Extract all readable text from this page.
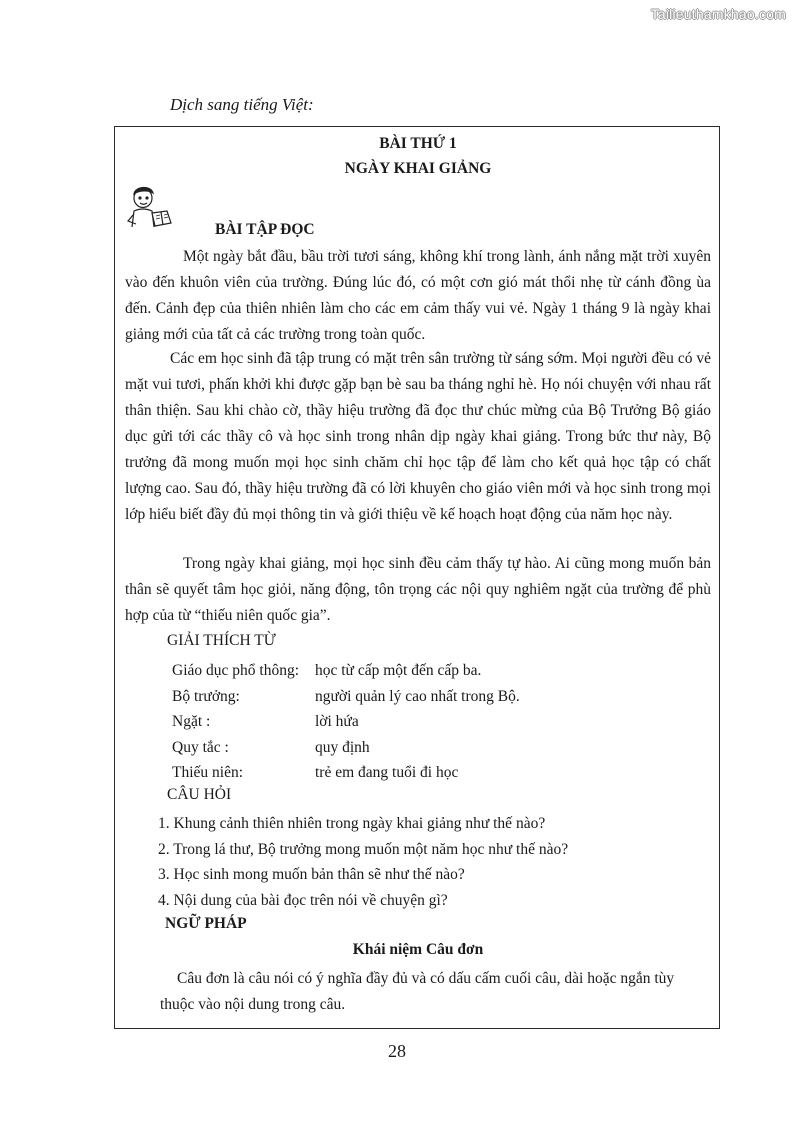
Tailieuthamkhao.com
Dịch sang tiếng Việt:
BÀI THỨ 1
NGÀY KHAI GIẢNG
BÀI TẬP ĐỌC

Một ngày bắt đầu, bầu trời tươi sáng, không khí trong lành, ánh nắng mặt trời xuyên vào đến khuôn viên của trường. Đúng lúc đó, có một cơn gió mát thổi nhẹ từ cánh đồng ùa đến. Cảnh đẹp của thiên nhiên làm cho các em cảm thấy vui vẻ. Ngày 1 tháng 9 là ngày khai giảng mới của tất cả các trường trong toàn quốc.

Các em học sinh đã tập trung có mặt trên sân trường từ sáng sớm. Mọi người đều có vẻ mặt vui tươi, phấn khởi khi được gặp bạn bè sau ba tháng nghỉ hè. Họ nói chuyện với nhau rất thân thiện. Sau khi chào cờ, thầy hiệu trường đã đọc thư chúc mừng của Bộ Trưởng Bộ giáo dục gửi tới các thầy cô và học sinh trong nhân dịp ngày khai giảng. Trong bức thư này, Bộ trưởng đã mong muốn mọi học sinh chăm chỉ học tập để làm cho kết quả học tập có chất lượng cao. Sau đó, thầy hiệu trường đã có lời khuyên cho giáo viên mới và học sinh trong mọi lớp hiểu biết đầy đủ mọi thông tin và giới thiệu về kế hoạch hoạt động của năm học này.

Trong ngày khai giảng, mọi học sinh đều cảm thấy tự hào. Ai cũng mong muốn bản thân sẽ quyết tâm học giỏi, năng động, tôn trọng các nội quy nghiêm ngặt của trường để phù hợp của từ “thiếu niên quốc gia”.

GIẢI THÍCH TỪ
Giáo dục phổ thông: học từ cấp một đến cấp ba.
Bộ trưởng:	người quản lý cao nhất trong Bộ.
Ngặt :	lời hứa
Quy tắc :	quy định
Thiếu niên:	trẻ em đang tuổi đi học
CÂU HỎI
1. Khung cảnh thiên nhiên trong ngày khai giảng như thế nào?
2. Trong lá thư, Bộ trưởng mong muốn một năm học như thế nào?
3. Học sinh mong muốn bản thân sẽ như thế nào?
4. Nội dung của bài đọc trên nói về chuyện gì?
NGỮ PHÁP
Khái niệm Câu đơn

Câu đơn là câu nói có ý nghĩa đầy đủ và có dấu cấm cuối câu, dài hoặc ngắn tùy thuộc vào nội dung trong câu.

28
